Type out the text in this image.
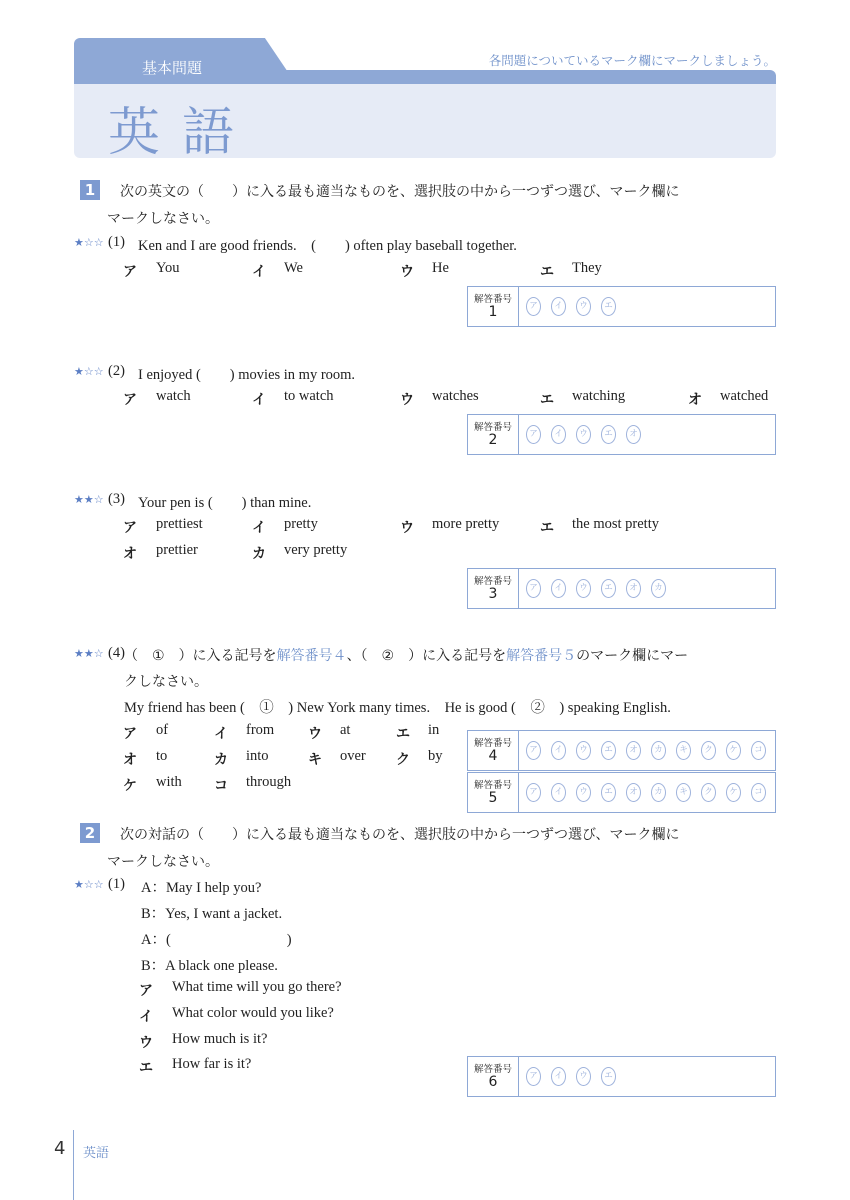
基本問題	各問題についているマーク欄にマークしましょう。
英語
1	次の英文の（　　）に入る最も適当なものを、選択肢の中から一つずつ選び、マーク欄に
マークしなさい。
★☆☆ (1) Ken and I are good friends.　(　　) often play baseball together.
ア You	イ We	ウ He	エ They
解答番号
1	ア	イ	ウ	エ
★☆☆ (2) I enjoyed (　　) movies in my room.
ア watch	イ to watch	ウ watches	エ watching	オ watched
解答番号
2	ア	イ	ウ	エ	オ
★★☆ (3) Your pen is (　　) than mine.
ア prettiest	イ pretty	ウ more pretty	エ the most pretty
オ prettier	カ very pretty
解答番号
3	ア	イ	ウ	エ	オ	カ
★★☆ (4) （　①　）に入る記号を解答番号４、（　②　）に入る記号を解答番号５のマーク欄にマー
クしなさい。
My friend has been (　①　) New York many times.　He is good (　②　) speaking English.
ア of	イ from ウ at	エ in
オ to	カ into	キ over ク by
ケ with コ through
解答番号
4	ア	イ	ウ	エ	オ	カ	キ	ク	ケ	コ
解答番号
5	ア	イ	ウ	エ	オ	カ	キ	ク	ケ	コ
2	次の対話の（　　）に入る最も適当なものを、選択肢の中から一つずつ選び、マーク欄に
マークしなさい。
★☆☆ (1) A：May I help you?
B：Yes, I want a jacket.
A：(　　　　　　　　)
B：A black one please.
ア What time will you go there?
イ What color would you like?
ウ How much is it?
エ How far is it?	解答番号
6	ア	イ	ウ	エ
4 英語
